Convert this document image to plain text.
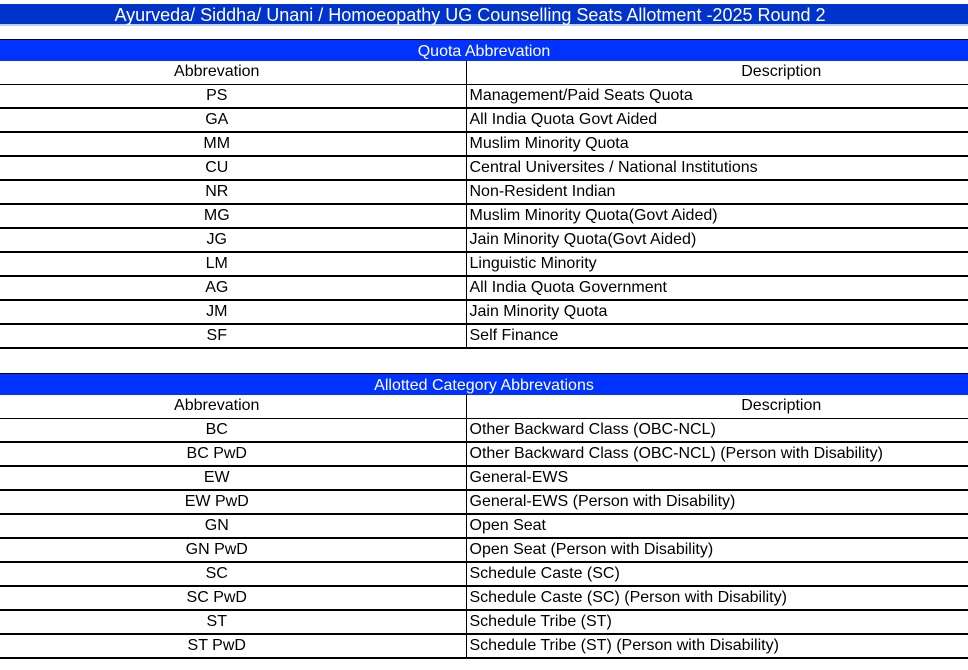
Ayurveda/ Siddha/ Unani / Homoeopathy UG Counselling Seats Allotment -2025 Round 2
Quota Abbrevation
Abbrevation	Description
PS	Management/Paid Seats Quota
GA	All India Quota Govt Aided
MM	Muslim Minority Quota
CU	Central Universites / National Institutions
NR	Non-Resident Indian
MG	Muslim Minority Quota(Govt Aided)
JG	Jain Minority Quota(Govt Aided)
LM	Linguistic Minority
AG	All India Quota Government
JM	Jain Minority Quota
SF	Self Finance
Allotted Category Abbrevations
Abbrevation	Description
BC	Other Backward Class (OBC-NCL)
BC PwD	Other Backward Class (OBC-NCL) (Person with Disability)
EW	General-EWS
EW PwD	General-EWS (Person with Disability)
GN	Open Seat
GN PwD	Open Seat (Person with Disability)
SC	Schedule Caste (SC)
SC PwD	Schedule Caste (SC) (Person with Disability)
ST	Schedule Tribe (ST)
ST PwD	Schedule Tribe (ST) (Person with Disability)
